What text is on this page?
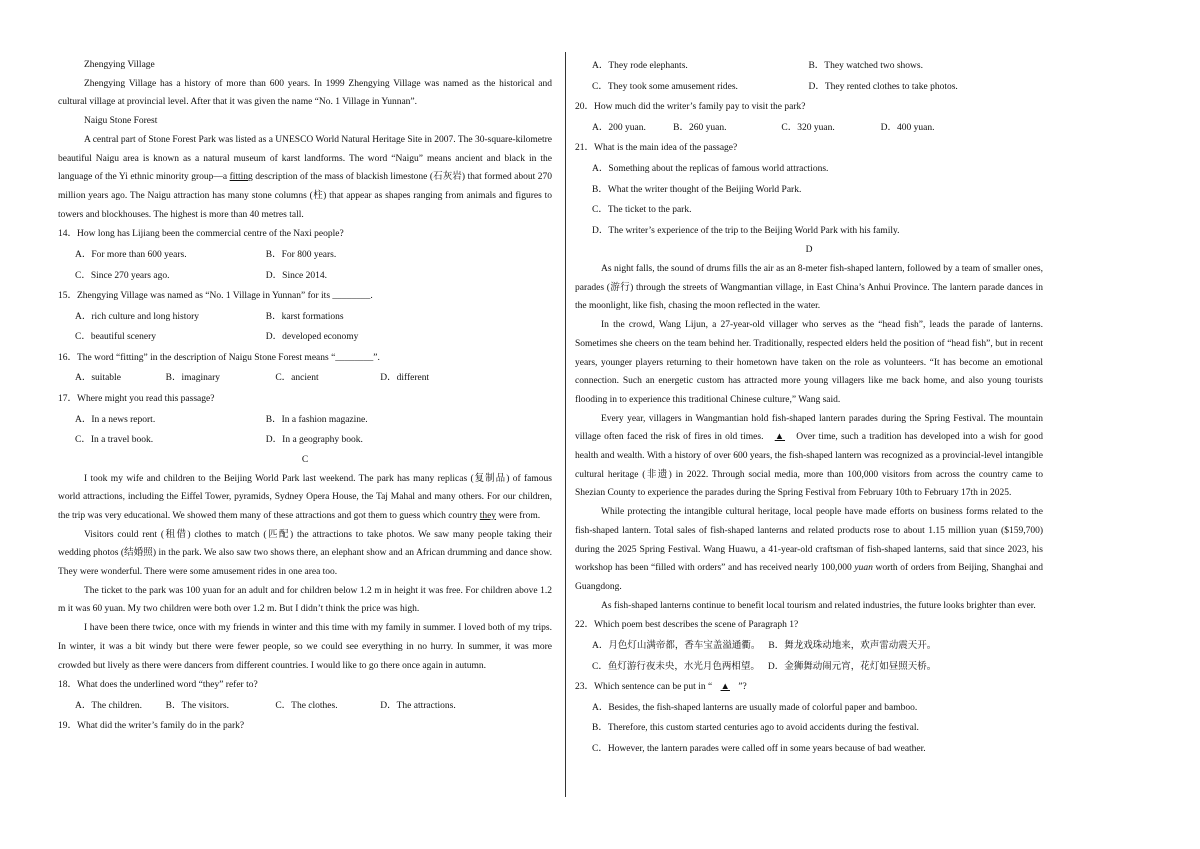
Zhengying Village

Zhengying Village has a history of more than 600 years. In 1999 Zhengying Village was named as the historical and cultural village at provincial level. After that it was given the name “No. 1 Village in Yunnan”.

Naigu Stone Forest

A central part of Stone Forest Park was listed as a UNESCO World Natural Heritage Site in 2007. The 30-square-kilometre beautiful Naigu area is known as a natural museum of karst landforms. The word “Naigu” means ancient and black in the language of the Yi ethnic minority group—a fitting description of the mass of blackish limestone (石灰岩) that formed about 270 million years ago. The Naigu attraction has many stone columns (柱) that appear as shapes ranging from animals and figures to towers and blockhouses. The highest is more than 40 metres tall.

14．How long has Lijiang been the commercial centre of the Naxi people?
A．For more than 600 years.	B．For 800 years.
C．Since 270 years ago.	D．Since 2014.
15．Zhengying Village was named as “No. 1 Village in Yunnan” for its ________.
A．rich culture and long history	B．karst formations
C．beautiful scenery	D．developed economy
16．The word “fitting” in the description of Naigu Stone Forest means “________”.
A．suitable	B．imaginary	C．ancient	D．different
17．Where might you read this passage?
A．In a news report.	B．In a fashion magazine.
C．In a travel book.	D．In a geography book.
C

I took my wife and children to the Beijing World Park last weekend. The park has many replicas (复制品) of famous world attractions, including the Eiffel Tower, pyramids, Sydney Opera House, the Taj Mahal and many others. For our children, the trip was very educational. We showed them many of these attractions and got them to guess which country they were from.

Visitors could rent (租借) clothes to match (匹配) the attractions to take photos. We saw many people taking their wedding photos (结婚照) in the park. We also saw two shows there, an elephant show and an African drumming and dance show. They were wonderful. There were some amusement rides in one area too.

The ticket to the park was 100 yuan for an adult and for children below 1.2 m in height it was free. For children above 1.2 m it was 60 yuan. My two children were both over 1.2 m. But I didn’t think the price was high.

I have been there twice, once with my friends in winter and this time with my family in summer. I loved both of my trips. In winter, it was a bit windy but there were fewer people, so we could see everything in no hurry. In summer, it was more crowded but lively as there were dancers from different countries. I would like to go there once again in autumn.

18．What does the underlined word “they” refer to?
A．The children.	B．The visitors.	C．The clothes.	D．The attractions.
19．What did the writer’s family do in the park?
A．They rode elephants.	B．They watched two shows.
C．They took some amusement rides.	D．They rented clothes to take photos.
20．How much did the writer’s family pay to visit the park?
A．200 yuan.	B．260 yuan.	C．320 yuan.	D．400 yuan.
21．What is the main idea of the passage?
A．Something about the replicas of famous world attractions.
B．What the writer thought of the Beijing World Park.
C．The ticket to the park.
D．The writer’s experience of the trip to the Beijing World Park with his family.
D

As night falls, the sound of drums fills the air as an 8-meter fish-shaped lantern, followed by a team of smaller ones, parades (游行) through the streets of Wangmantian village, in East China’s Anhui Province. The lantern parade dances in the moonlight, like fish, chasing the moon reflected in the water.

In the crowd, Wang Lijun, a 27-year-old villager who serves as the “head fish”, leads the parade of lanterns. Sometimes she cheers on the team behind her. Traditionally, respected elders held the position of “head fish”, but in recent years, younger players returning to their hometown have taken on the role as volunteers. “It has become an emotional connection. Such an energetic custom has attracted more young villagers like me back home, and also young tourists flooding in to experience this traditional Chinese culture,” Wang said.

Every year, villagers in Wangmantian hold fish-shaped lantern parades during the Spring Festival. The mountain village often faced the risk of fires in old times. ▲ Over time, such a tradition has developed into a wish for good health and wealth. With a history of over 600 years, the fish-shaped lantern was recognized as a provincial-level intangible cultural heritage (非遗) in 2022. Through social media, more than 100,000 visitors from across the country came to Shezian County to experience the parades during the Spring Festival from February 10th to February 17th in 2025.

While protecting the intangible cultural heritage, local people have made efforts on business forms related to the fish-shaped lantern. Total sales of fish-shaped lanterns and related products rose to about 1.15 million yuan ($159,700) during the 2025 Spring Festival. Wang Huawu, a 41-year-old craftsman of fish-shaped lanterns, said that since 2023, his workshop has been “filled with orders” and has received nearly 100,000 yuan worth of orders from Beijing, Shanghai and Guangdong.

As fish-shaped lanterns continue to benefit local tourism and related industries, the future looks brighter than ever.

22．Which poem best describes the scene of Paragraph 1?
A．月色灯山满帝都，香车宝盖溢通衢。 B．舞龙戏珠动地来，欢声雷动震天开。
C．鱼灯游行夜未央，水光月色两相望。 D．金狮舞动闹元宵，花灯如昼照天桥。
23．Which sentence can be put in “ ▲ ”?
A．Besides, the fish-shaped lanterns are usually made of colorful paper and bamboo.
B．Therefore, this custom started centuries ago to avoid accidents during the festival.
C．However, the lantern parades were called off in some years because of bad weather.
